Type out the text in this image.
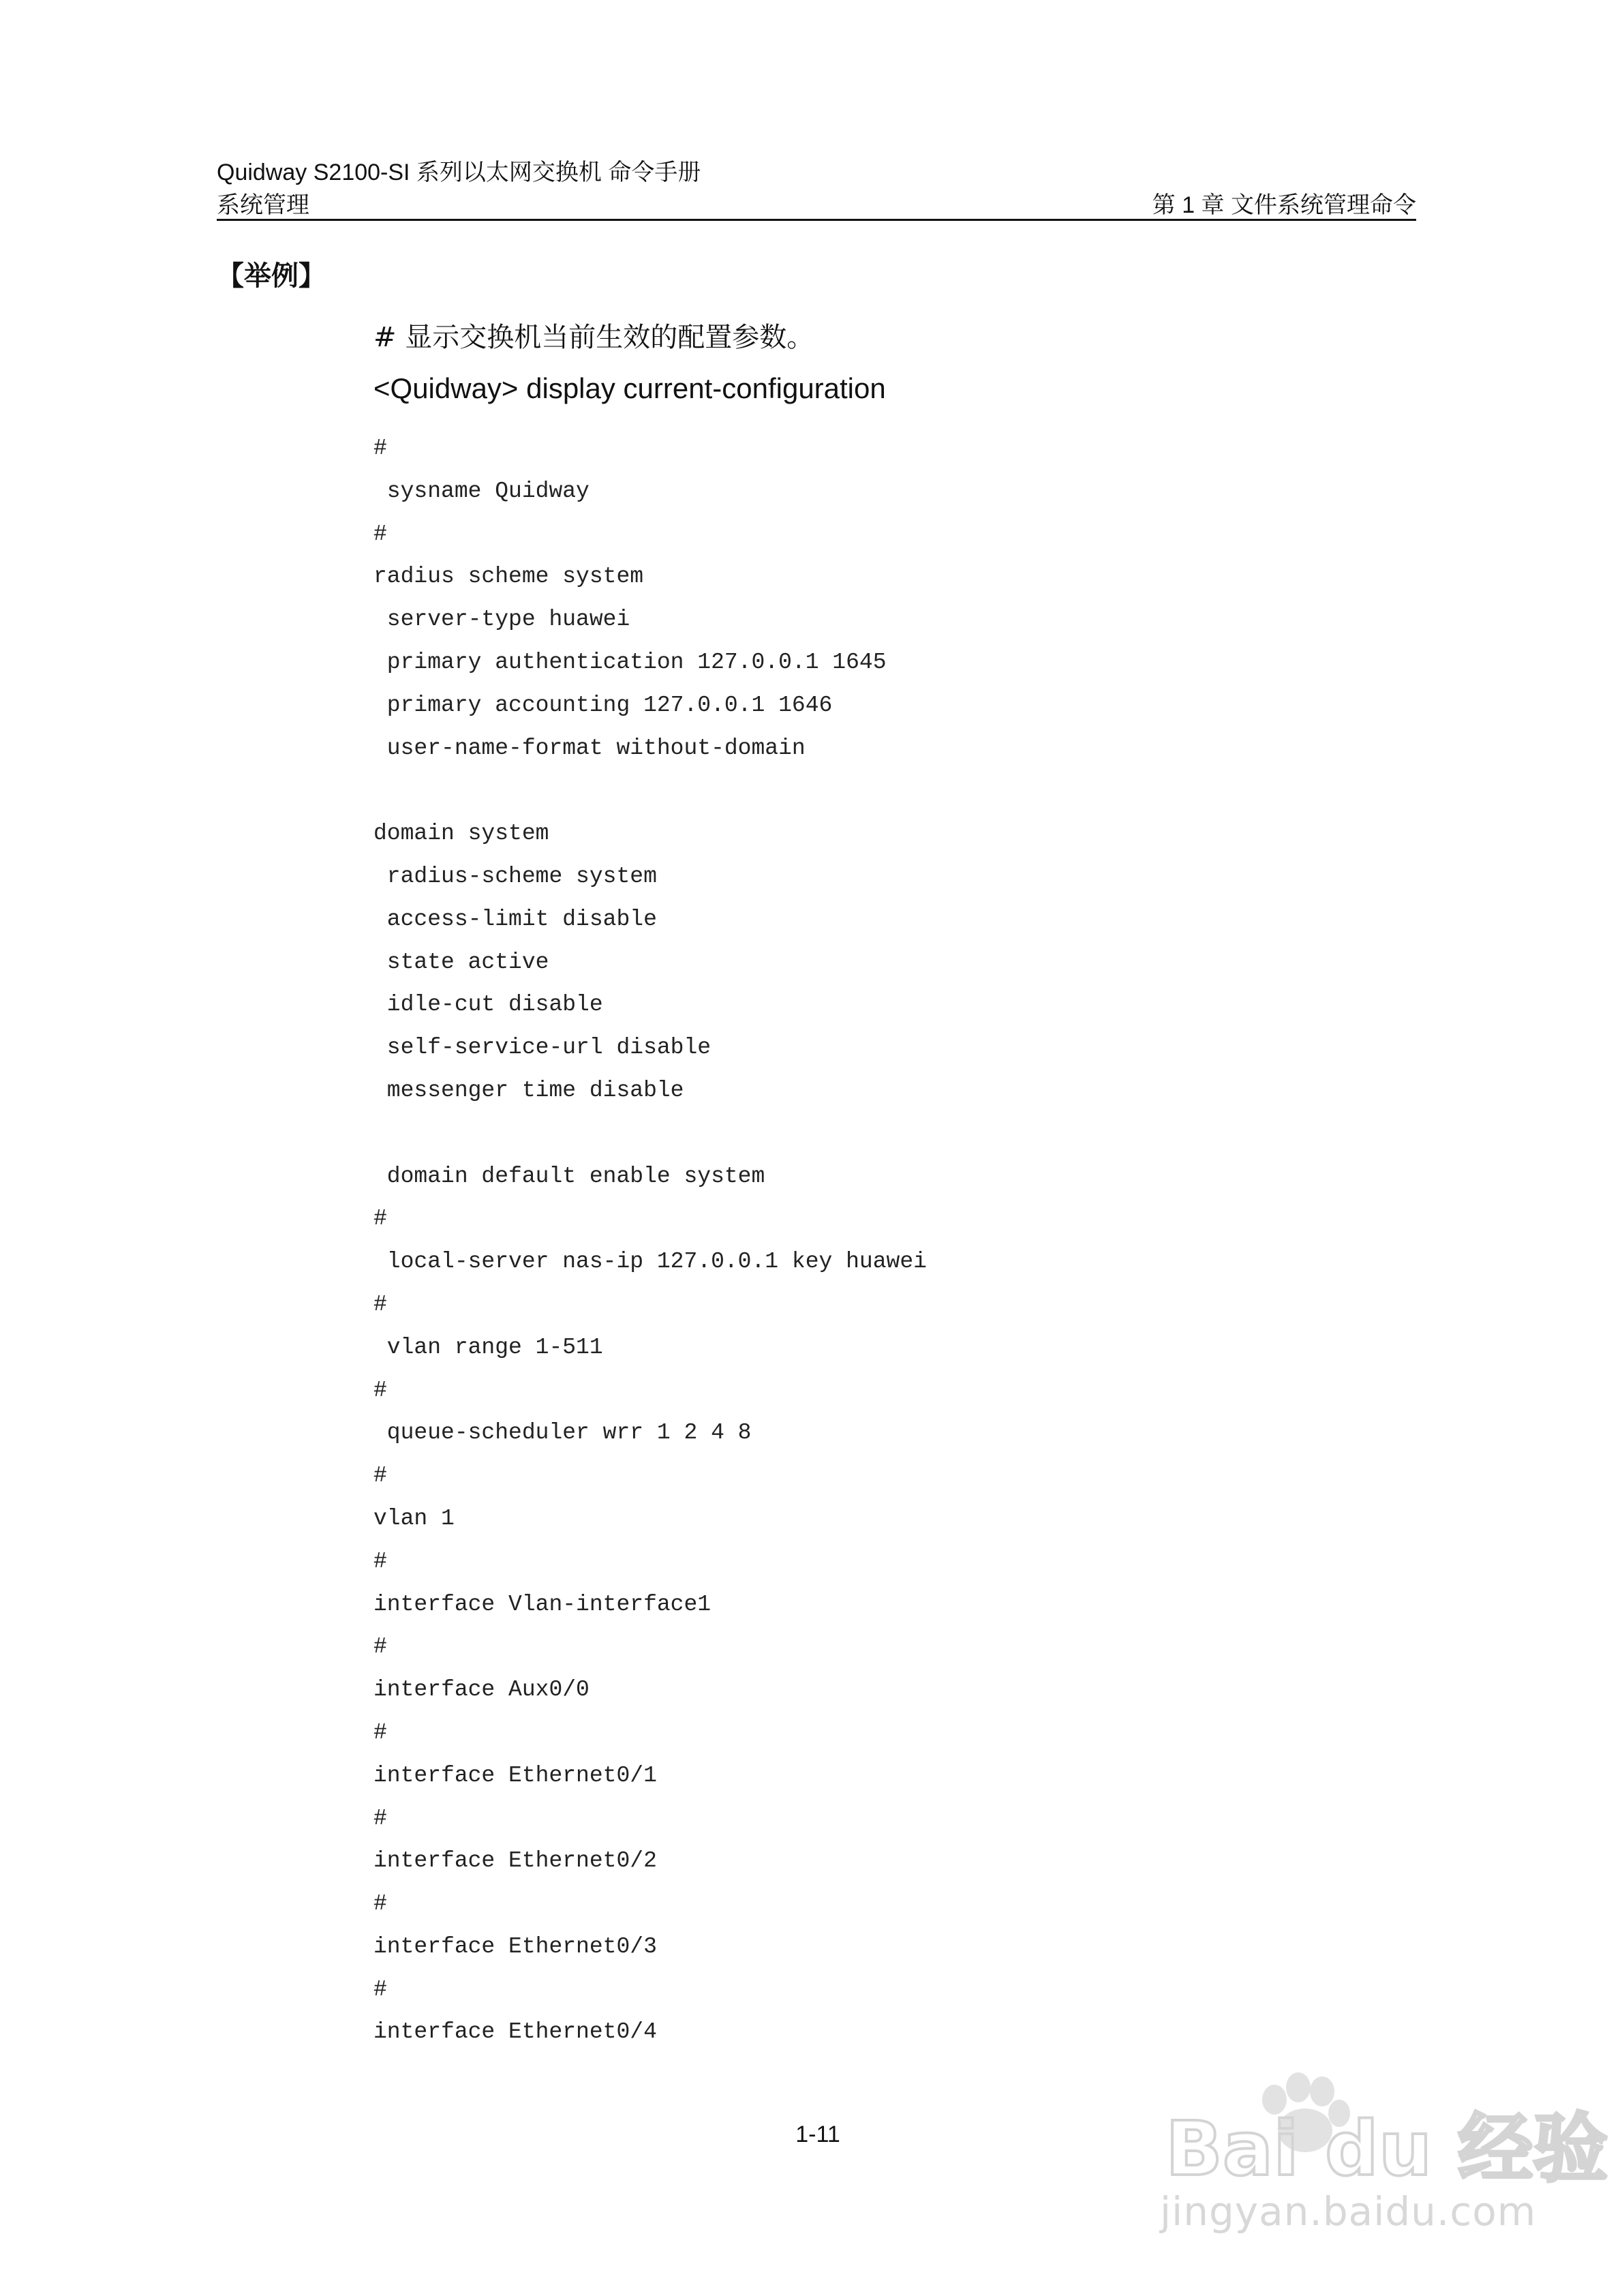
Quidway S2100-SI 系列以太网交换机 命令手册
系统管理	第 1 章 文件系统管理命令
【举例】
# 显示交换机当前生效的配置参数。
<Quidway> display current-configuration
#
sysname Quidway
#
radius scheme system
server-type huawei
primary authentication 127.0.0.1 1645
primary accounting 127.0.0.1 1646
user-name-format without-domain
domain system
radius-scheme system
access-limit disable
state active
idle-cut disable
self-service-url disable
messenger time disable
domain default enable system
#
local-server nas-ip 127.0.0.1 key huawei
#
vlan range 1-511
#
queue-scheduler wrr 1 2 4 8
#
vlan 1
#
interface Vlan-interface1
#
interface Aux0/0
#
interface Ethernet0/1
#
interface Ethernet0/2
#
interface Ethernet0/3
#
interface Ethernet0/4
1-11	Bai du 经验
jingyan.baidu.com
